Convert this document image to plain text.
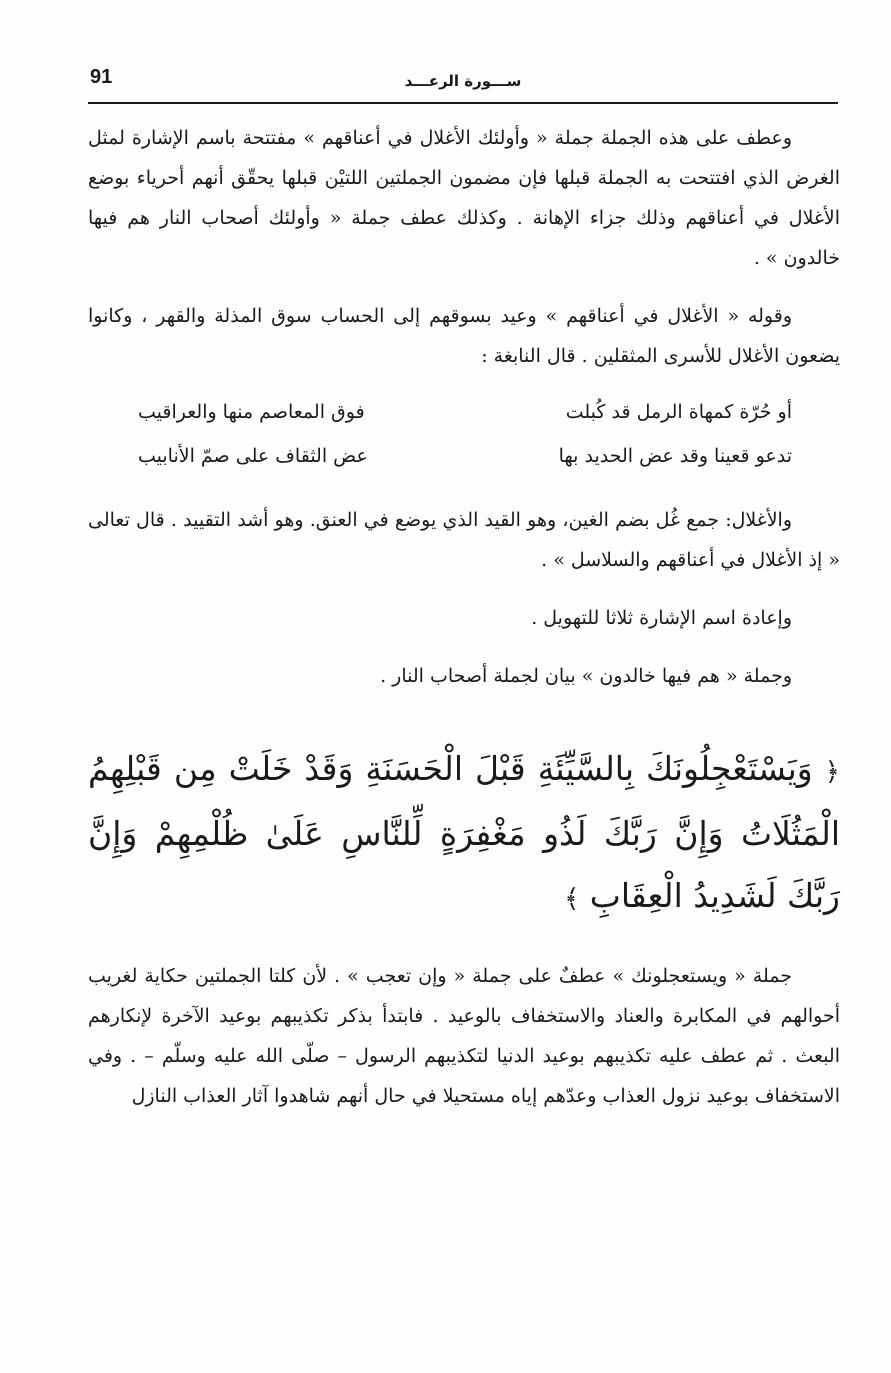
91	ســـورة الرعـــد

وعطف على هذه الجملة جملة « وأولئك الأغلال في أعناقهم » مفتتحة باسم الإشارة لمثل الغرض الذي افتتحت به الجملة قبلها فإن مضمون الجملتين اللتيْن قبلها يحقّق أنهم أحرياء بوضع الأغلال في أعناقهم وذلك جزاء الإهانة . وكذلك عطف جملة « وأولئك أصحاب النار هم فيها خالدون » .

وقوله « الأغلال في أعناقهم » وعيد بسوقهم إلى الحساب سوق المذلة والقهر ، وكانوا يضعون الأغلال للأسرى المثقلين . قال النابغة :

أو حُرّة كمهاة الرمل قد كُبلت
فوق المعاصم منها والعراقيب
تدعو قعينا وقد عض الحديد بها
عض الثقاف على صمّ الأنابيب

والأغلال: جمع غُل بضم الغين، وهو القيد الذي يوضع في العنق. وهو أشد التقييد . قال تعالى « إذ الأغلال في أعناقهم والسلاسل » .

وإعادة اسم الإشارة ثلاثا للتهويل .

وجملة « هم فيها خالدون » بيان لجملة أصحاب النار .

﴿ وَيَسْتَعْجِلُونَكَ بِالسَّيِّئَةِ قَبْلَ الْحَسَنَةِ وَقَدْ خَلَتْ مِن قَبْلِهِمُ الْمَثُلَاتُ وَإِنَّ رَبَّكَ لَذُو مَغْفِرَةٍ لِّلنَّاسِ عَلَىٰ ظُلْمِهِمْ وَإِنَّ رَبَّكَ لَشَدِيدُ الْعِقَابِ ﴾

جملة « ويستعجلونك » عطفٌ على جملة « وإن تعجب » . لأن كلتا الجملتين حكاية لغريب أحوالهم في المكابرة والعناد والاستخفاف بالوعيد . فابتدأ بذكر تكذيبهم بوعيد الآخرة لإنكارهم البعث . ثم عطف عليه تكذيبهم بوعيد الدنيا لتكذيبهم الرسول – صلّى الله عليه وسلّم – . وفي الاستخفاف بوعيد نزول العذاب وعدّهم إياه مستحيلا في حال أنهم شاهدوا آثار العذاب النازل
